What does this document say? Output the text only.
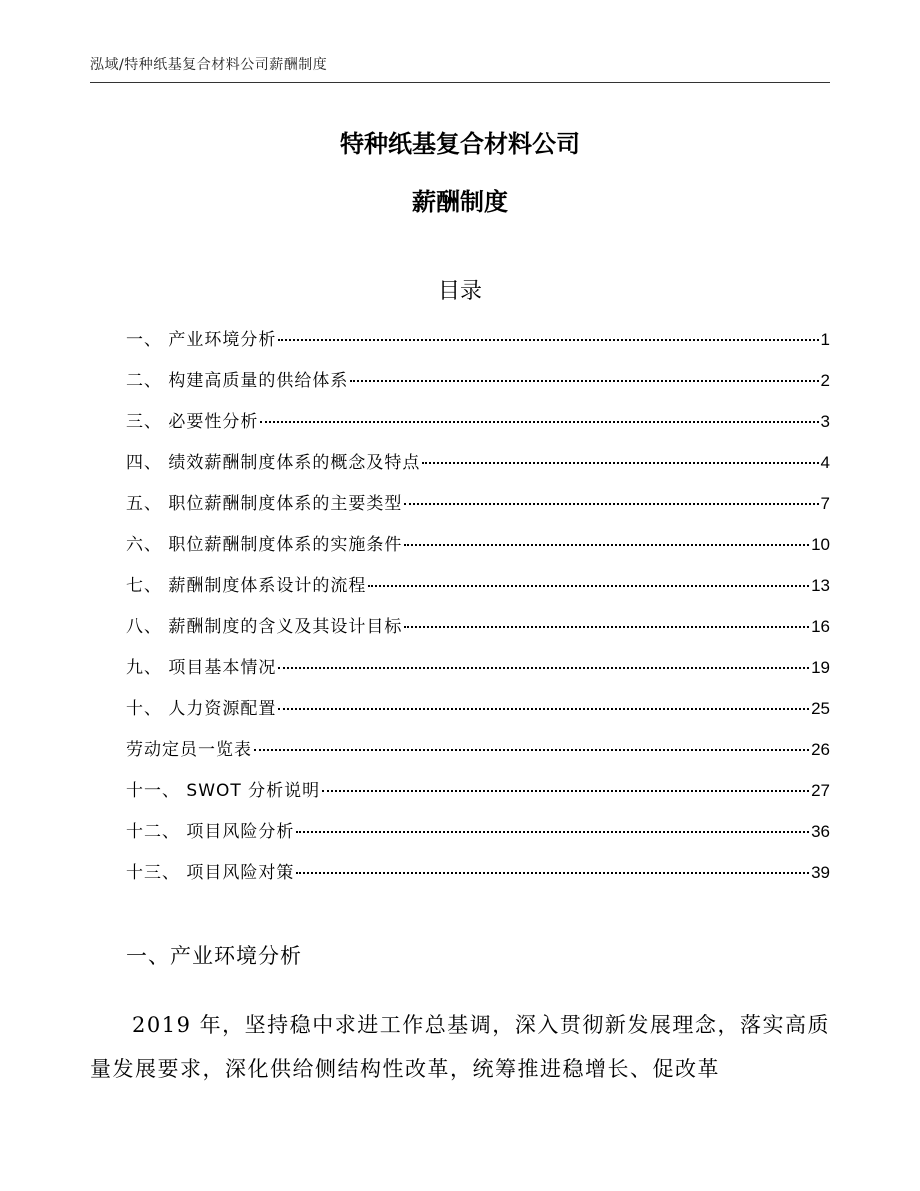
泓域/特种纸基复合材料公司薪酬制度
特种纸基复合材料公司
薪酬制度
目录
一、 产业环境分析	1
二、 构建高质量的供给体系	2
三、 必要性分析	3
四、 绩效薪酬制度体系的概念及特点	4
五、 职位薪酬制度体系的主要类型	7
六、 职位薪酬制度体系的实施条件	10
七、 薪酬制度体系设计的流程	13
八、 薪酬制度的含义及其设计目标	16
九、 项目基本情况	19
十、 人力资源配置	25
劳动定员一览表	26
十一、 SWOT 分析说明	27
十二、 项目风险分析	36
十三、 项目风险对策	39
一、产业环境分析

2019 年，坚持稳中求进工作总基调，深入贯彻新发展理念，落实高质量发展要求，深化供给侧结构性改革，统筹推进稳增长、促改革
